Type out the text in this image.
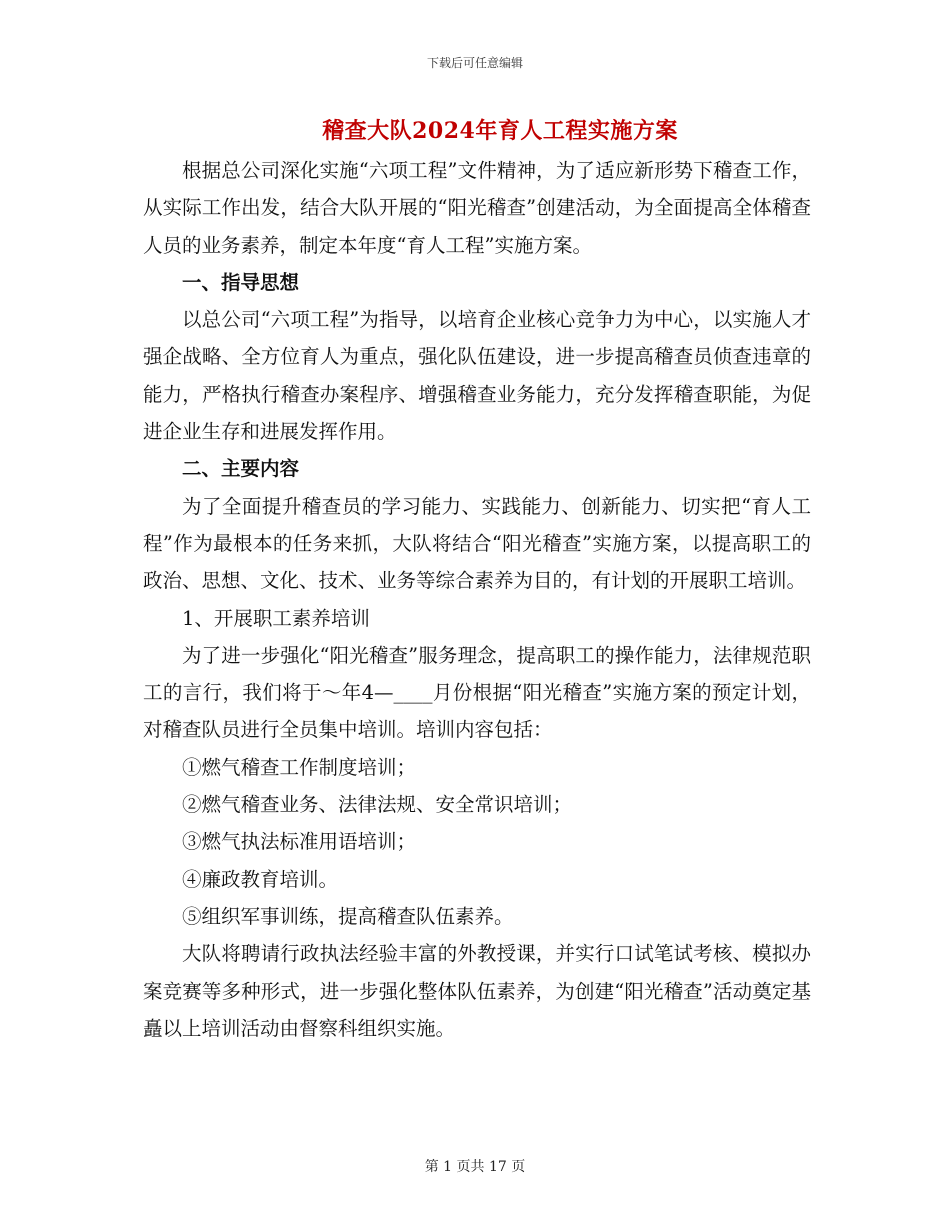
下载后可任意编辑
稽查大队2024年育人工程实施方案

根据总公司深化实施“六项工程”文件精神，为了适应新形势下稽查工作，从实际工作出发，结合大队开展的“阳光稽查”创建活动，为全面提高全体稽查人员的业务素养，制定本年度“育人工程”实施方案。

一、指导思想

以总公司“六项工程”为指导，以培育企业核心竞争力为中心，以实施人才强企战略、全方位育人为重点，强化队伍建设，进一步提高稽查员侦查违章的能力，严格执行稽查办案程序、增强稽查业务能力，充分发挥稽查职能，为促进企业生存和进展发挥作用。

二、主要内容

为了全面提升稽查员的学习能力、实践能力、创新能力、切实把“育人工程”作为最根本的任务来抓，大队将结合“阳光稽查”实施方案，以提高职工的政治、思想、文化、技术、业务等综合素养为目的，有计划的开展职工培训。

1、开展职工素养培训

为了进一步强化“阳光稽查”服务理念，提高职工的操作能力，法律规范职工的言行，我们将于～年4—____月份根据“阳光稽查”实施方案的预定计划，对稽查队员进行全员集中培训。培训内容包括：

①燃气稽查工作制度培训；

②燃气稽查业务、法律法规、安全常识培训；

③燃气执法标准用语培训；

④廉政教育培训。

⑤组织军事训练，提高稽查队伍素养。

大队将聘请行政执法经验丰富的外教授课，并实行口试笔试考核、模拟办案竞赛等多种形式，进一步强化整体队伍素养，为创建“阳光稽查”活动奠定基矗以上培训活动由督察科组织实施。

第 1 页共 17 页
